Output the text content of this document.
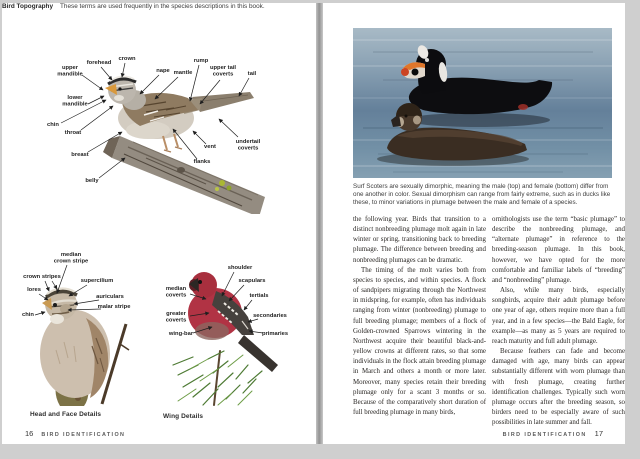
upper mandible
forehead
crown
nape mantle
rump
upper tail coverts	tail
lower mandible
chin
throat
breast
belly
vent
flanks
undertail coverts
Bird Topography These terms are used frequently in the species descriptions in this book.
median crown stripe
crown stripes
supercilium
lores
auriculars
malar stripe
chin
Head and Face Details
shoulder
scapulars
median coverts	tertials
greater coverts
secondaries
wing-bar	primaries
Wing Details
16 BIRD IDENTIFICATION
Surf Scoters are sexually dimorphic, meaning the male (top) and female (bottom) differ from one another in color. Sexual dimorphism can range from fairly extreme, such as in ducks like these, to minor variations in plumage between the male and female of a species.

the following year. Birds that transition to a distinct nonbreeding plumage molt again in late winter or spring, transitioning back to breeding plumage. The difference between breeding and nonbreeding plumages can be dramatic.

The timing of the molt varies both from species to species, and within species. A flock of sandpipers migrating through the Northwest in midspring, for example, often has individuals ranging from winter (nonbreeding) plumage to full breeding plumage; members of a flock of Golden-crowned Sparrows wintering in the Northwest acquire their beautiful black-and-yellow crowns at different rates, so that some individuals in the flock attain breeding plumage in March and others a month or more later. Moreover, many species retain their breeding plumage only for a scant 3 months or so. Because of the comparatively short duration of full breeding plumage in many birds,

ornithologists use the term “basic plumage” to describe the nonbreeding plumage, and “alternate plumage” in reference to the breeding-season plumage. In this book, however, we have opted for the more comfortable and familiar labels of “breeding” and “nonbreeding” plumage.

Also, while many birds, especially songbirds, acquire their adult plumage before one year of age, others require more than a full year, and in a few species—the Bald Eagle, for example—as many as 5 years are required to reach maturity and full adult plumage.

Because feathers can fade and become damaged with age, many birds can appear substantially different with worn plumage than with fresh plumage, creating further identification challenges. Typically such worn plumage occurs after the breeding season, so birders need to be especially aware of such possibilities in late summer and fall.

BIRD IDENTIFICATION 17
